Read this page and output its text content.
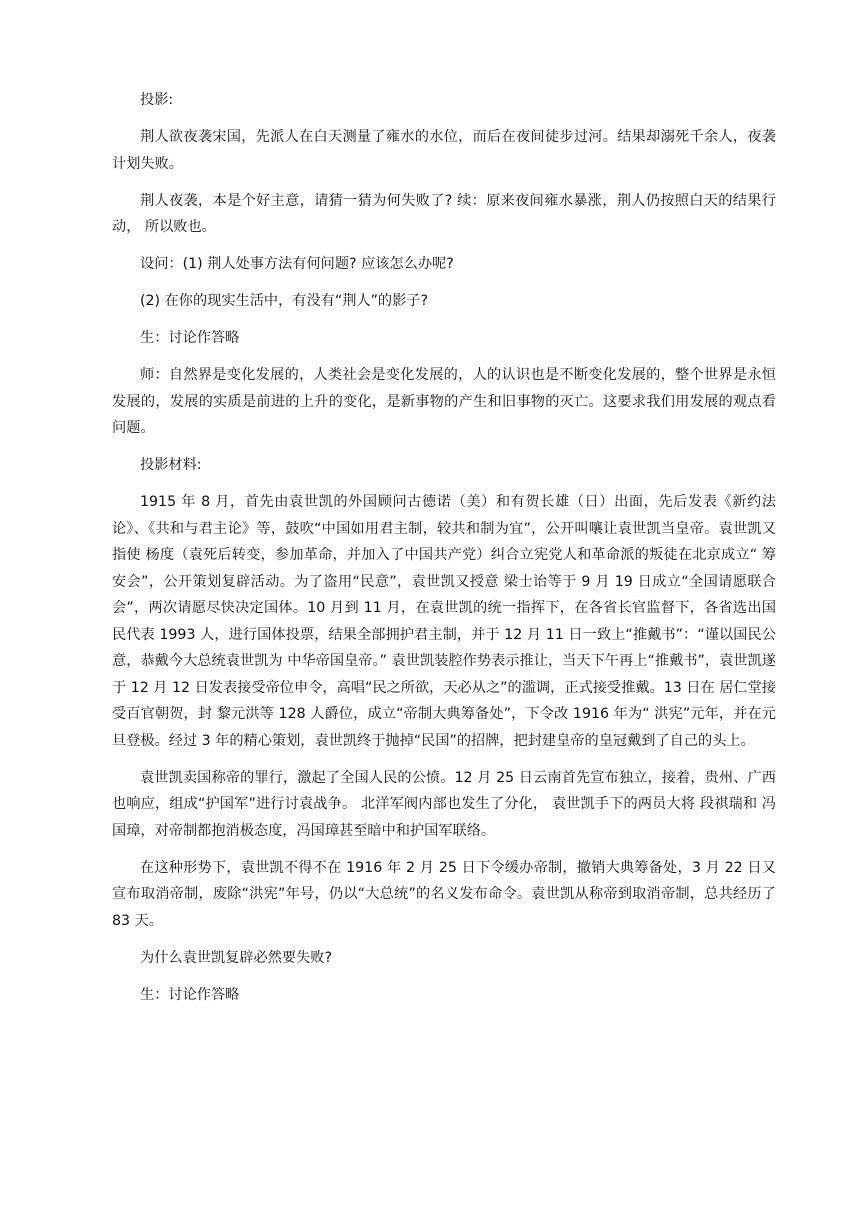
投影:

荆人欲夜袭宋国，先派人在白天测量了雍水的水位，而后在夜间徒步过河。结果却溺死千余人，夜袭计划失败。

荆人夜袭，本是个好主意，请猜一猜为何失败了? 续：原来夜间雍水暴涨，荆人仍按照白天的结果行动， 所以败也。

设问：(1) 荆人处事方法有何问题? 应该怎么办呢?

(2) 在你的现实生活中，有没有“荆人”的影子?

生：讨论作答略

师：自然界是变化发展的，人类社会是变化发展的，人的认识也是不断变化发展的，整个世界是永恒发展的，发展的实质是前进的上升的变化，是新事物的产生和旧事物的灭亡。这要求我们用发展的观点看问题。

投影材料:

1915 年 8 月，首先由袁世凯的外国顾问古德诺（美）和有贺长雄（日）出面，先后发表《新约法论》、《共和与君主论》等，鼓吹“中国如用君主制，较共和制为宜”，公开叫嚷让袁世凯当皇帝。袁世凯又指使 杨度（袁死后转变，参加革命，并加入了中国共产党）纠合立宪党人和革命派的叛徒在北京成立“ 筹安会”，公开策划复辟活动。为了盗用“民意”，袁世凯又授意 梁士诒等于 9 月 19 日成立“全国请愿联合会”，两次请愿尽快决定国体。10 月到 11 月，在袁世凯的统一指挥下，在各省长官监督下，各省选出国民代表 1993 人，进行国体投票，结果全部拥护君主制，并于 12 月 11 日一致上“推戴书”：“谨以国民公意，恭戴今大总统袁世凯为 中华帝国皇帝。” 袁世凯装腔作势表示推让，当天下午再上“推戴书”，袁世凯遂于 12 月 12 日发表接受帝位申令，高唱“民之所欲，天必从之”的滥调，正式接受推戴。13 日在 居仁堂接受百官朝贺，封 黎元洪等 128 人爵位，成立“帝制大典筹备处”，下令改 1916 年为“ 洪宪”元年，并在元旦登极。经过 3 年的精心策划，袁世凯终于抛掉“民国”的招牌，把封建皇帝的皇冠戴到了自己的头上。

袁世凯卖国称帝的罪行，激起了全国人民的公愤。12 月 25 日云南首先宣布独立，接着，贵州、广西也响应，组成“护国军”进行讨袁战争。 北洋军阀内部也发生了分化， 袁世凯手下的两员大将 段祺瑞和 冯国璋，对帝制都抱消极态度，冯国璋甚至暗中和护国军联络。

在这种形势下，袁世凯不得不在 1916 年 2 月 25 日下令缓办帝制，撤销大典筹备处，3 月 22 日又宣布取消帝制，废除“洪宪”年号，仍以“大总统”的名义发布命令。袁世凯从称帝到取消帝制，总共经历了 83 天。

为什么袁世凯复辟必然要失败?

生：讨论作答略
